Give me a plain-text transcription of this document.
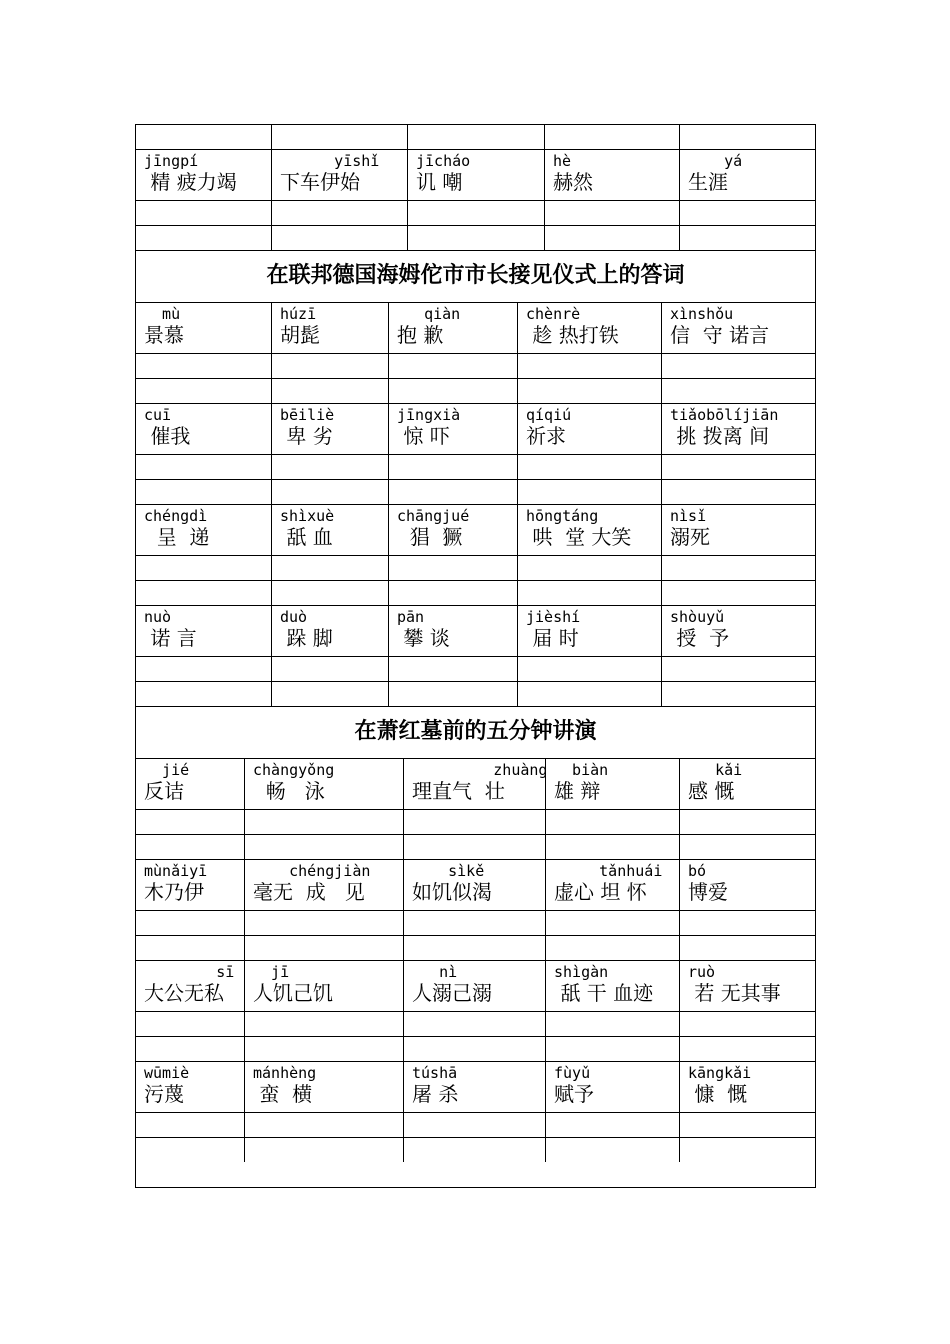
jīngpí
精 疲力竭
yīshǐ
下车伊始
jīcháo
讥 嘲
hè
赫然
yá
生涯
在联邦德国海姆佗市市长接见仪式上的答词
mù
景慕
húzī
胡髭
qiàn
抱 歉
chènrè
趁 热打铁
xìnshǒu
信  守 诺言
cuī
催我
bēiliè
卑 劣
jīngxià
惊 吓
qíqiú
祈求
tiǎobōlíjiān
挑 拨离 间
chéngdì
呈  递
shìxuè
舐 血
chāngjué
猖  獗
hōngtáng
哄  堂 大笑
nìsǐ
溺死
nuò
诺 言
duò
跺 脚
pān
攀 谈
jièshí
届 时
shòuyǔ
授  予
在萧红墓前的五分钟讲演
jié
反诘
chàngyǒng
畅   泳
zhuàng
理直气  壮
biàn
雄 辩
kǎi
感 慨
mùnǎiyī
木乃伊
chéngjiàn
毫无  成   见
sìkě
如饥似渴
tǎnhuái
虚心 坦 怀
bó
博爱
sī
大公无私
jī
人饥己饥
nì
人溺己溺
shìgàn
舐 干 血迹
ruò
若 无其事
wūmiè
污蔑
mánhèng
蛮  横
túshā
屠 杀
fùyǔ
赋予
kāngkǎi
慷  慨
